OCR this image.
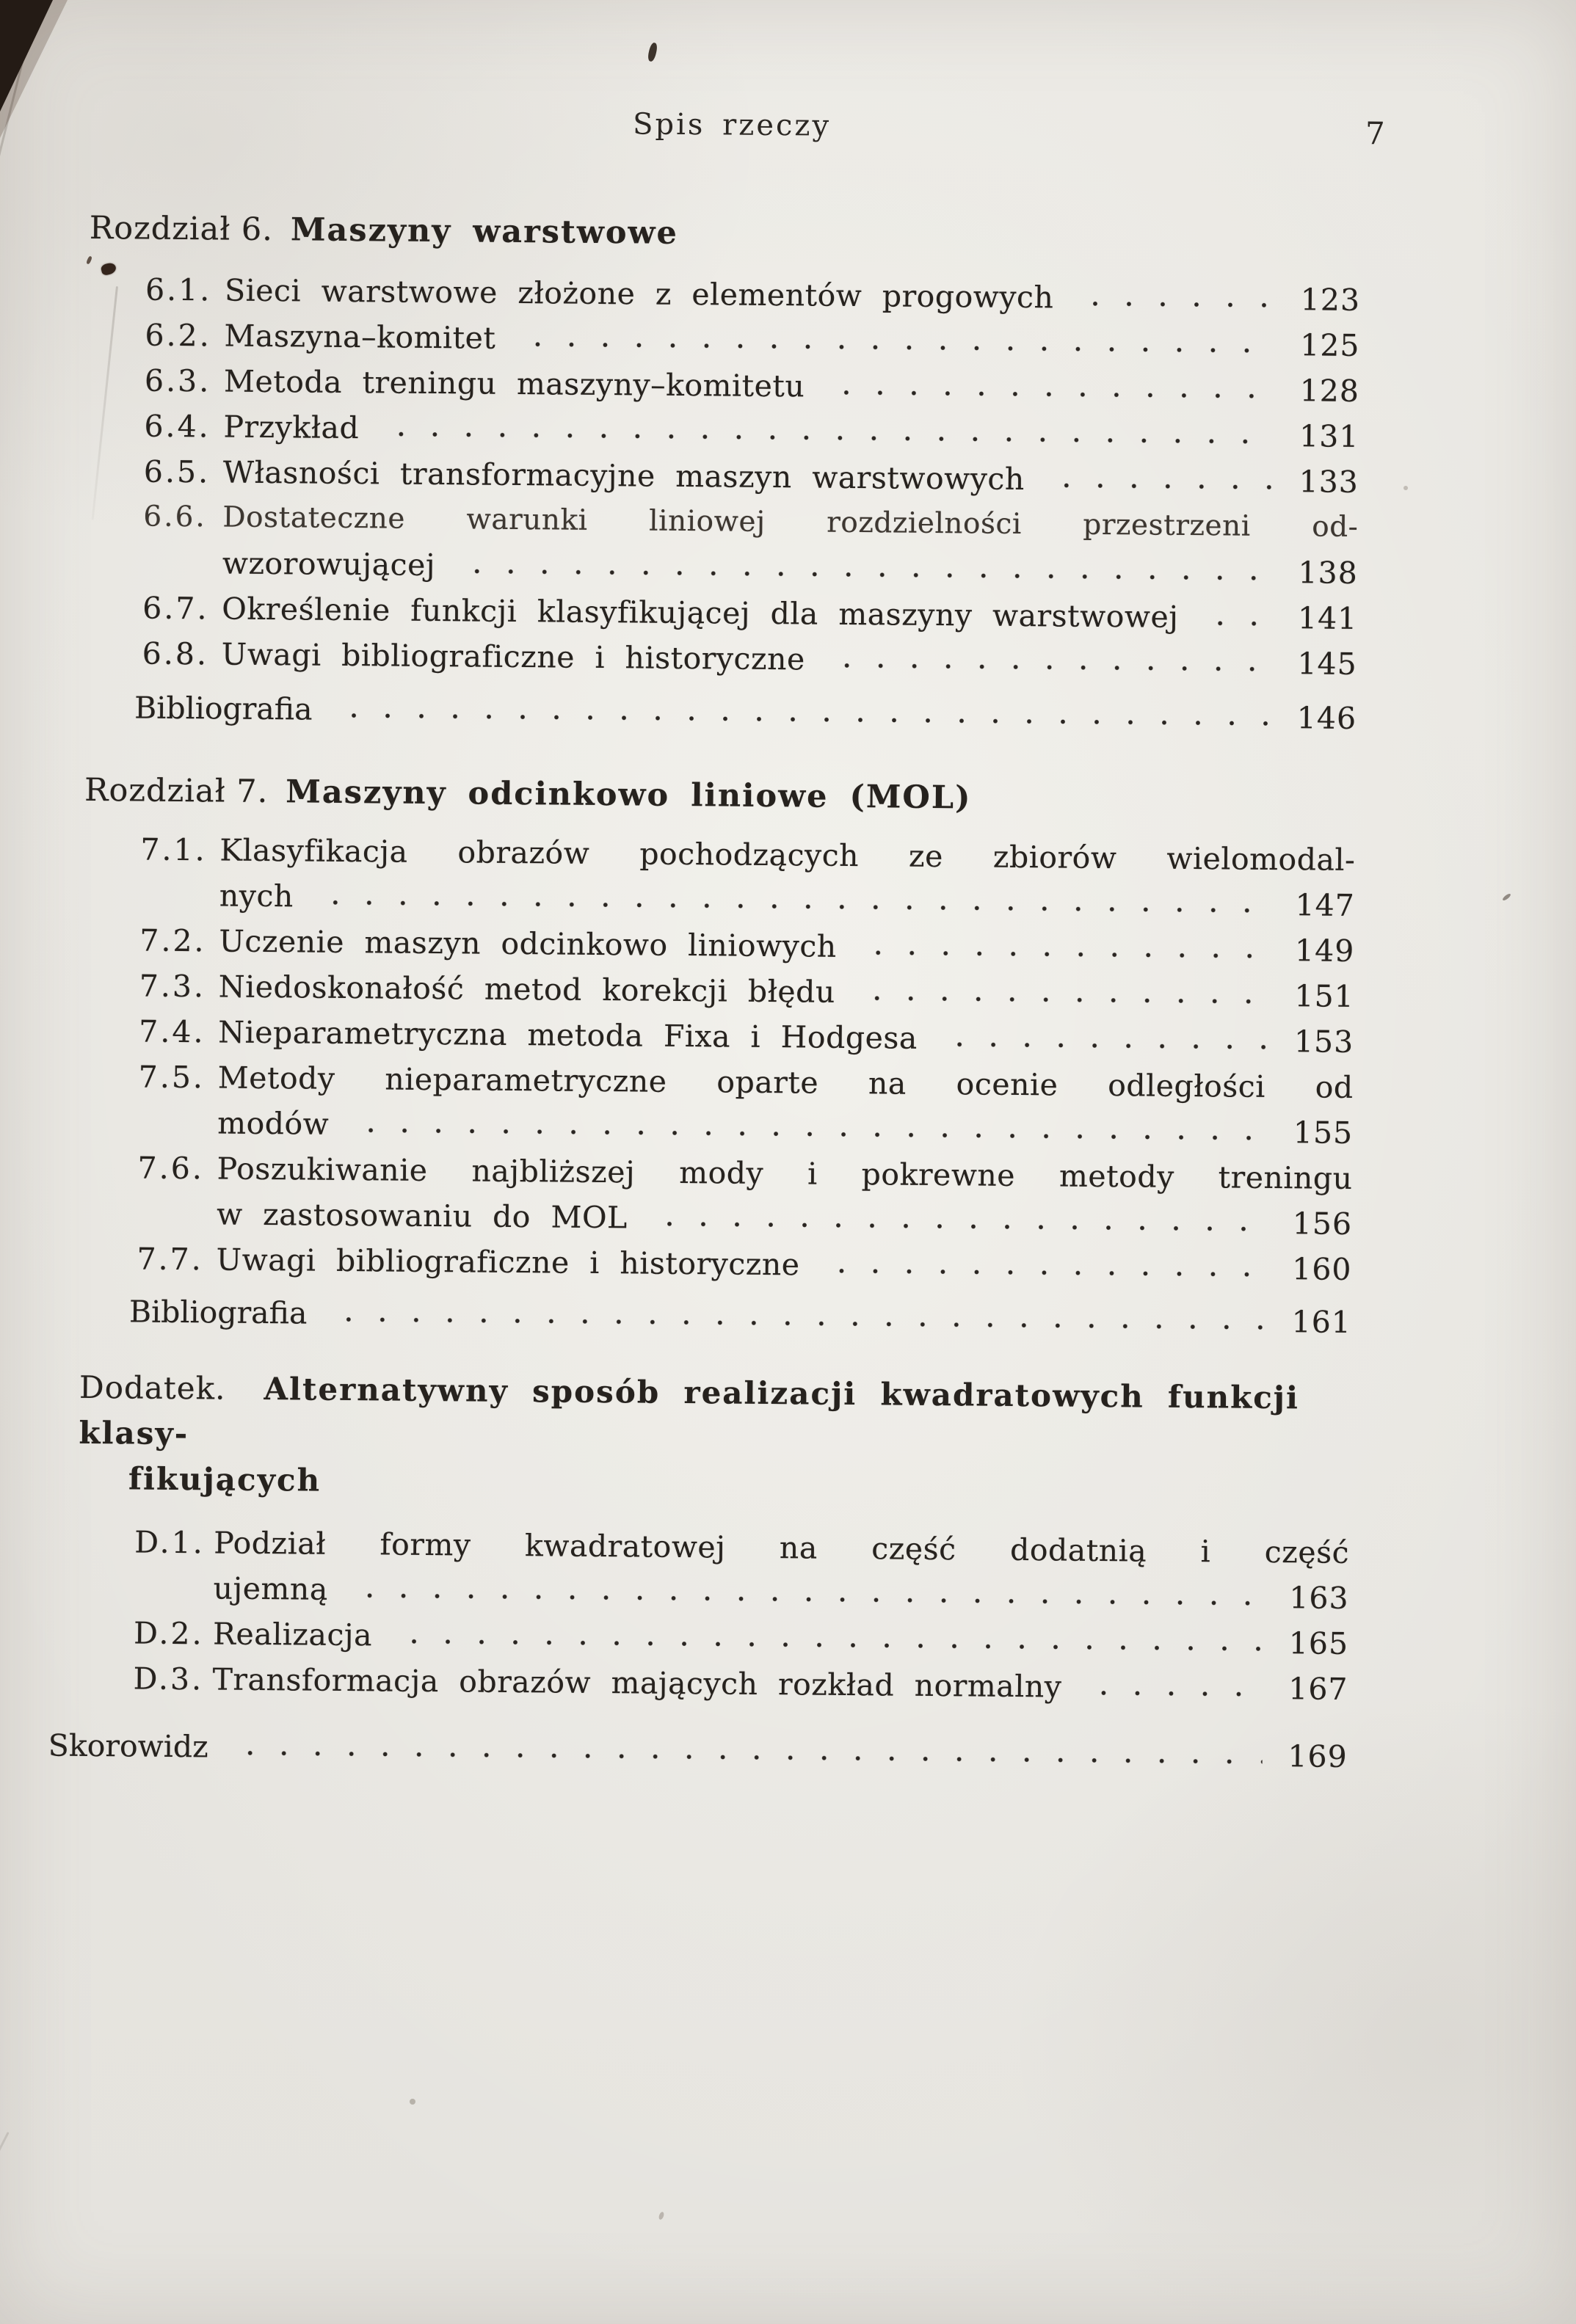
Spis rzeczy	7
Rozdział 6. Maszyny warstwowe
6.1. Sieci warstwowe złożone z elementów progowych	123
6.2. Maszyna–komitet	125
6.3. Metoda treningu maszyny–komitetu	128
6.4. Przykład	131
6.5. Własności transformacyjne maszyn warstwowych	133
6.6. Dostateczne warunki liniowej rozdzielności przestrzeni od-
wzorowującej	138
6.7. Określenie funkcji klasyfikującej dla maszyny warstwowej	141
6.8. Uwagi bibliograficzne i historyczne	145
Bibliografia	146
Rozdział 7. Maszyny odcinkowo liniowe (MOL)
7.1. Klasyfikacja obrazów pochodzących ze zbiorów wielomodal-
nych	147
7.2. Uczenie maszyn odcinkowo liniowych	149
7.3. Niedoskonałość metod korekcji błędu	151
7.4. Nieparametryczna metoda Fixa i Hodgesa	153
7.5. Metody nieparametryczne oparte na ocenie odległości od
modów	155
7.6. Poszukiwanie najbliższej mody i pokrewne metody treningu
w zastosowaniu do MOL	156
7.7. Uwagi bibliograficzne i historyczne	160
Bibliografia	161
Dodatek. Alternatywny sposób realizacji kwadratowych funkcji klasy-
fikujących
D.1. Podział formy kwadratowej na część dodatnią i część
ujemną	163
D.2. Realizacja	165
D.3. Transformacja obrazów mających rozkład normalny	167
Skorowidz	169
